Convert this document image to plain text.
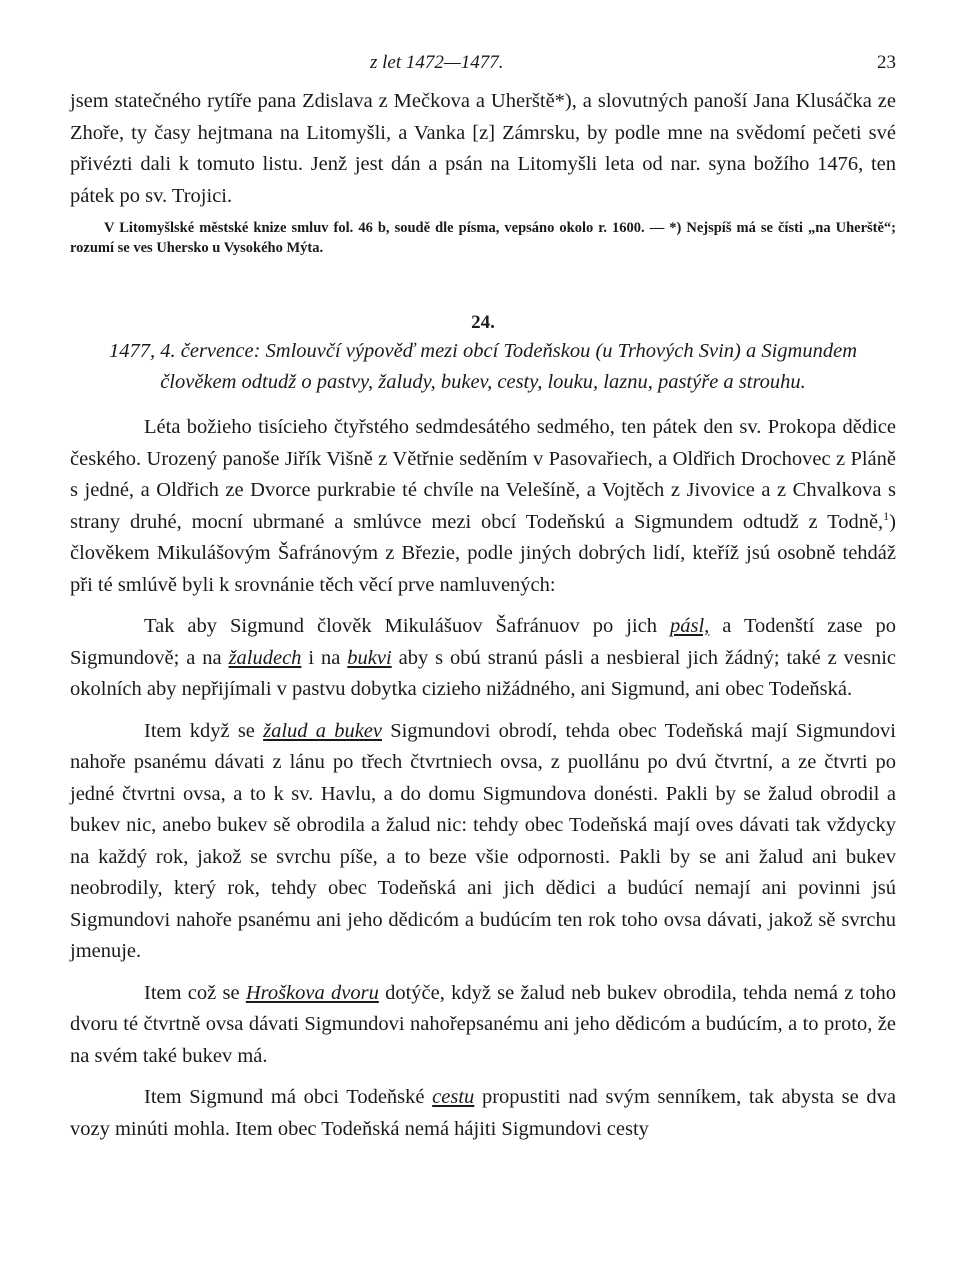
z let 1472—1477.	23

jsem statečného rytíře pana Zdislava z Mečkova a Uherště*), a slovutných panoší Jana Klusáčka ze Zhoře, ty časy hejtmana na Litomyšli, a Vanka [z] Zámrsku, by podle mne na svědomí pečeti své přivézti dali k tomuto listu. Jenž jest dán a psán na Litomyšli leta od nar. syna božího 1476, ten pátek po sv. Trojici.

V Litomyšlské městské knize smluv fol. 46 b, soudě dle písma, vepsáno okolo r. 1600. — *) Nejspíš má se čísti „na Uherště“; rozumí se ves Uhersko u Vysokého Mýta.

24.

1477, 4. července: Smlouvčí výpověď mezi obcí Todeňskou (u Trhových Svin) a Sigmundem člověkem odtudž o pastvy, žaludy, bukev, cesty, louku, laznu, pastýře a strouhu.

Léta božieho tisícieho čtyřstého sedmdesátého sedmého, ten pátek den sv. Prokopa dědice českého. Urozený panoše Jiřík Višně z Větřnie seděním v Pasovařiech, a Oldřich Drochovec z Pláně s jedné, a Oldřich ze Dvorce purkrabie té chvíle na Velešíně, a Vojtěch z Jivovice a z Chvalkova s strany druhé, mocní ubrmané a smlúvce mezi obcí Todeňskú a Sigmundem odtudž z Todně,$^1$) člověkem Mikulášovým Šafránovým z Březie, podle jiných dobrých lidí, kteříž jsú osobně tehdáž při té smlúvě byli k srovnánie těch věcí prve namluvených:

Tak aby Sigmund člověk Mikulášuov Šafránuov po jich pásl, a Todenští zase po Sigmundově; a na žaludech i na bukvi aby s obú stranú pásli a nesbieral jich žádný; také z vesnic okolních aby nepřijímali v pastvu dobytka cizieho nižádného, ani Sigmund, ani obec Todeňská.

Item když se žalud a bukev Sigmundovi obrodí, tehda obec Todeňská mají Sigmundovi nahoře psanému dávati z lánu po třech čtvrtniech ovsa, z puollánu po dvú čtvrtní, a ze čtvrti po jedné čtvrtni ovsa, a to k sv. Havlu, a do domu Sigmundova donésti. Pakli by se žalud obrodil a bukev nic, anebo bukev sě obrodila a žalud nic: tehdy obec Todeňská mají oves dávati tak vždycky na každý rok, jakož se svrchu píše, a to beze všie odpornosti. Pakli by se ani žalud ani bukev neobrodily, který rok, tehdy obec Todeňská ani jich dědici a budúcí nemají ani povinni jsú Sigmundovi nahoře psanému ani jeho dědicóm a budúcím ten rok toho ovsa dávati, jakož sě svrchu jmenuje.

Item což se Hroškova dvoru dotýče, když se žalud neb bukev obrodila, tehda nemá z toho dvoru té čtvrtně ovsa dávati Sigmundovi nahořepsanému ani jeho dědicóm a budúcím, a to proto, že na svém také bukev má.

Item Sigmund má obci Todeňské cestu propustiti nad svým senníkem, tak abysta se dva vozy minúti mohla. Item obec Todeňská nemá hájiti Sigmundovi cesty
